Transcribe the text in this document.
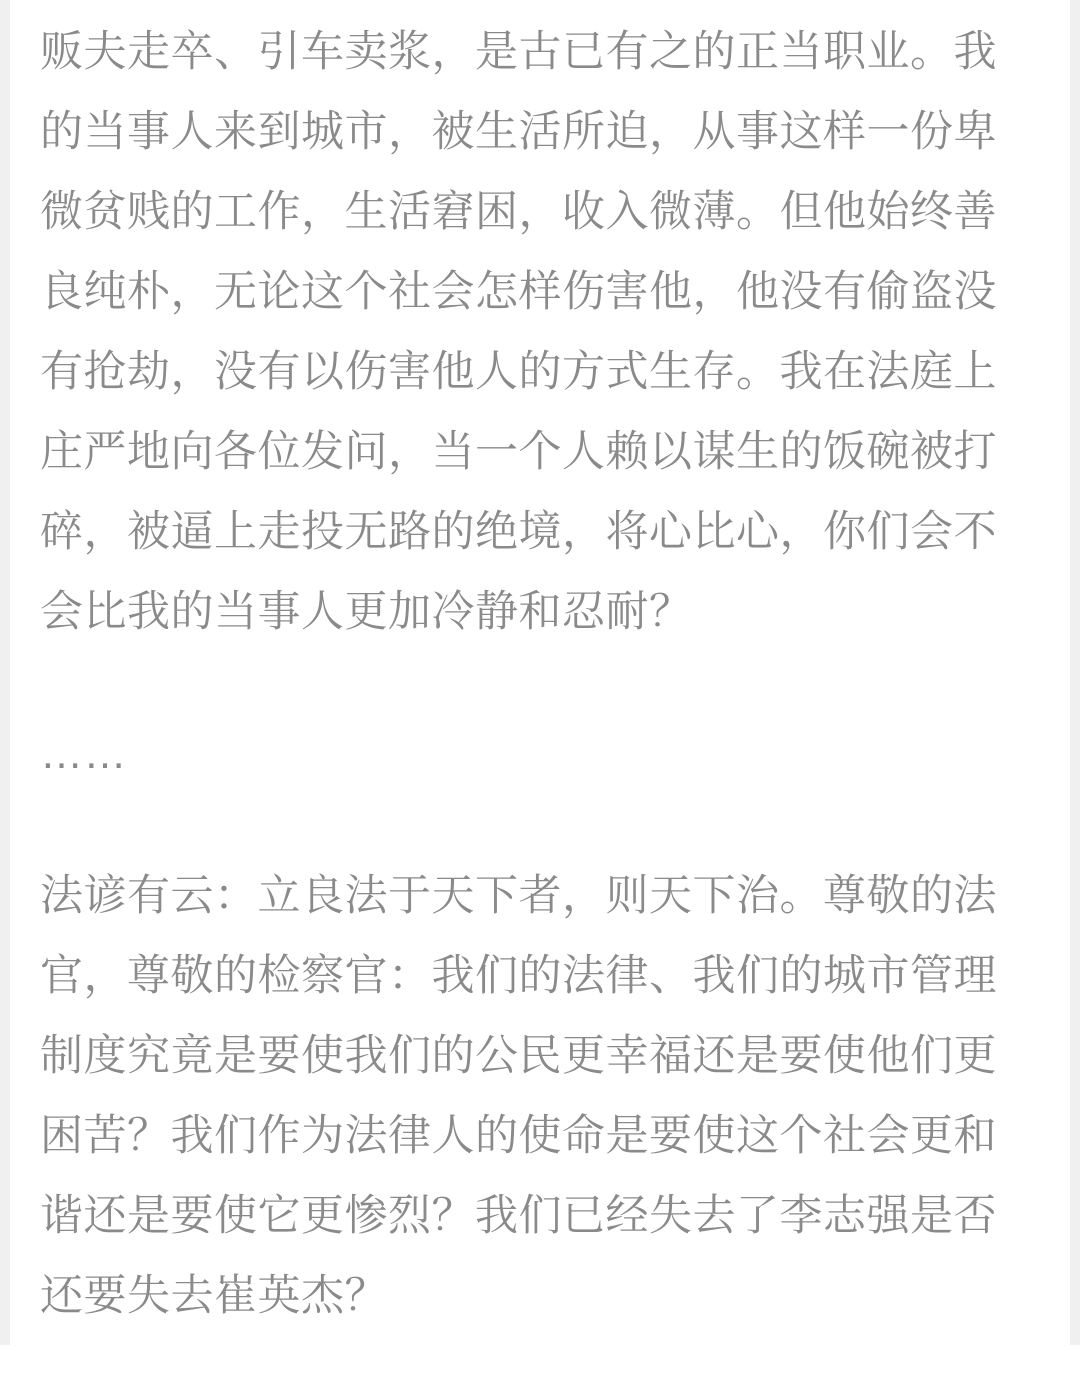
贩夫走卒、引车卖浆，是古已有之的正当职业。我
的当事人来到城市，被生活所迫，从事这样一份卑
微贫贱的工作，生活窘困，收入微薄。但他始终善
良纯朴，无论这个社会怎样伤害他，他没有偷盗没
有抢劫，没有以伤害他人的方式生存。我在法庭上
庄严地向各位发问，当一个人赖以谋生的饭碗被打
碎，被逼上走投无路的绝境，将心比心，你们会不
会比我的当事人更加冷静和忍耐？

……

法谚有云：立良法于天下者，则天下治。尊敬的法
官，尊敬的检察官：我们的法律、我们的城市管理
制度究竟是要使我们的公民更幸福还是要使他们更
困苦？我们作为法律人的使命是要使这个社会更和
谐还是要使它更惨烈？我们已经失去了李志强是否
还要失去崔英杰？
